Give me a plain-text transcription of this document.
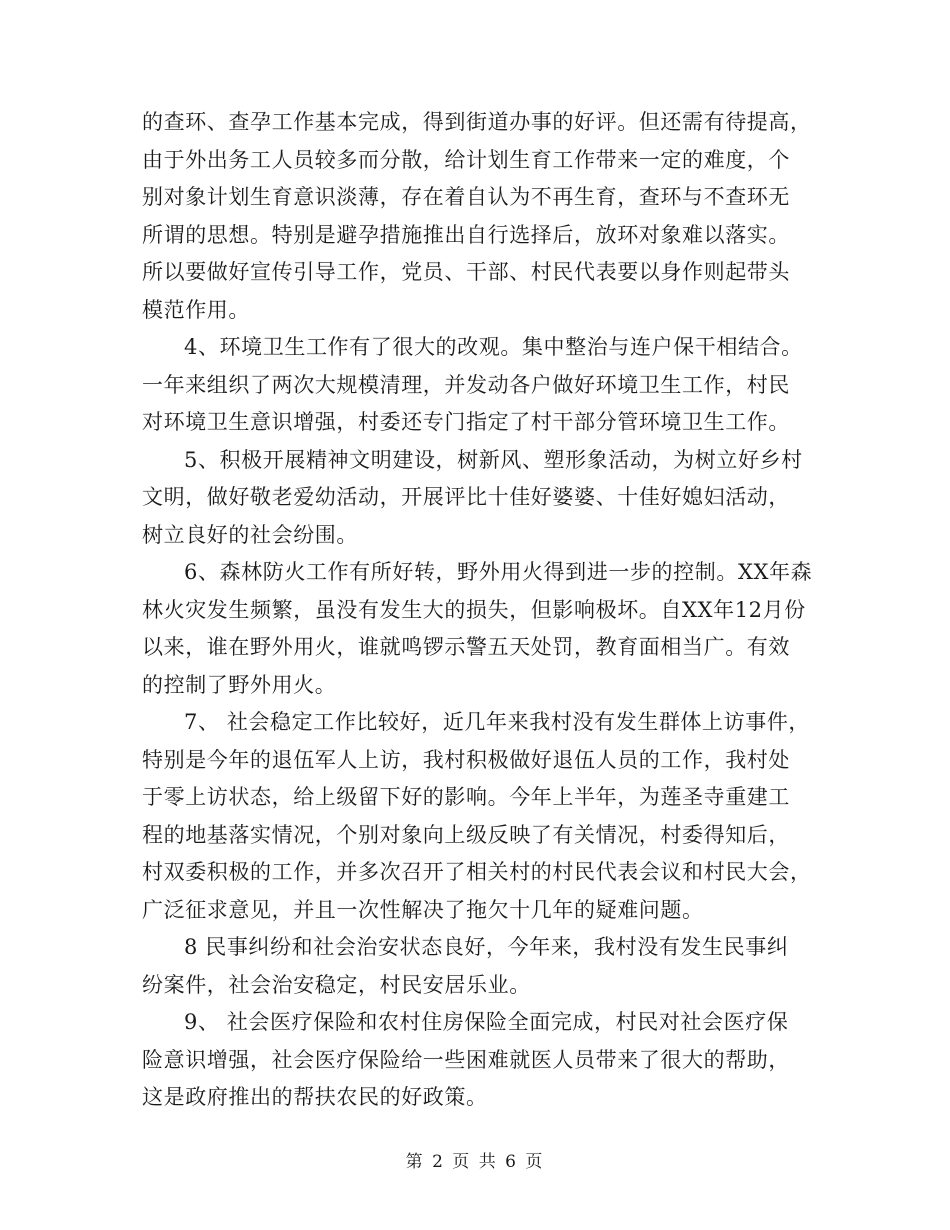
的查环、查孕工作基本完成，得到街道办事的好评。但还需有待提高，
由于外出务工人员较多而分散，给计划生育工作带来一定的难度，个
别对象计划生育意识淡薄，存在着自认为不再生育，查环与不查环无
所谓的思想。特别是避孕措施推出自行选择后，放环对象难以落实。
所以要做好宣传引导工作，党员、干部、村民代表要以身作则起带头
模范作用。
4、环境卫生工作有了很大的改观。集中整治与连户保干相结合。
一年来组织了两次大规模清理，并发动各户做好环境卫生工作，村民
对环境卫生意识增强，村委还专门指定了村干部分管环境卫生工作。
5、积极开展精神文明建设，树新风、塑形象活动，为树立好乡村
文明，做好敬老爱幼活动，开展评比十佳好婆婆、十佳好媳妇活动，
树立良好的社会纷围。
6、森林防火工作有所好转，野外用火得到进一步的控制。XX年森
林火灾发生频繁，虽没有发生大的损失，但影响极坏。自XX年12月份
以来，谁在野外用火，谁就鸣锣示警五天处罚，教育面相当广。有效
的控制了野外用火。
7、 社会稳定工作比较好，近几年来我村没有发生群体上访事件，
特别是今年的退伍军人上访，我村积极做好退伍人员的工作，我村处
于零上访状态，给上级留下好的影响。今年上半年，为莲圣寺重建工
程的地基落实情况，个别对象向上级反映了有关情况，村委得知后，
村双委积极的工作，并多次召开了相关村的村民代表会议和村民大会，
广泛征求意见，并且一次性解决了拖欠十几年的疑难问题。
8 民事纠纷和社会治安状态良好，今年来，我村没有发生民事纠
纷案件，社会治安稳定，村民安居乐业。
9、 社会医疗保险和农村住房保险全面完成，村民对社会医疗保
险意识增强，社会医疗保险给一些困难就医人员带来了很大的帮助，
这是政府推出的帮扶农民的好政策。
第 2 页 共 6 页
